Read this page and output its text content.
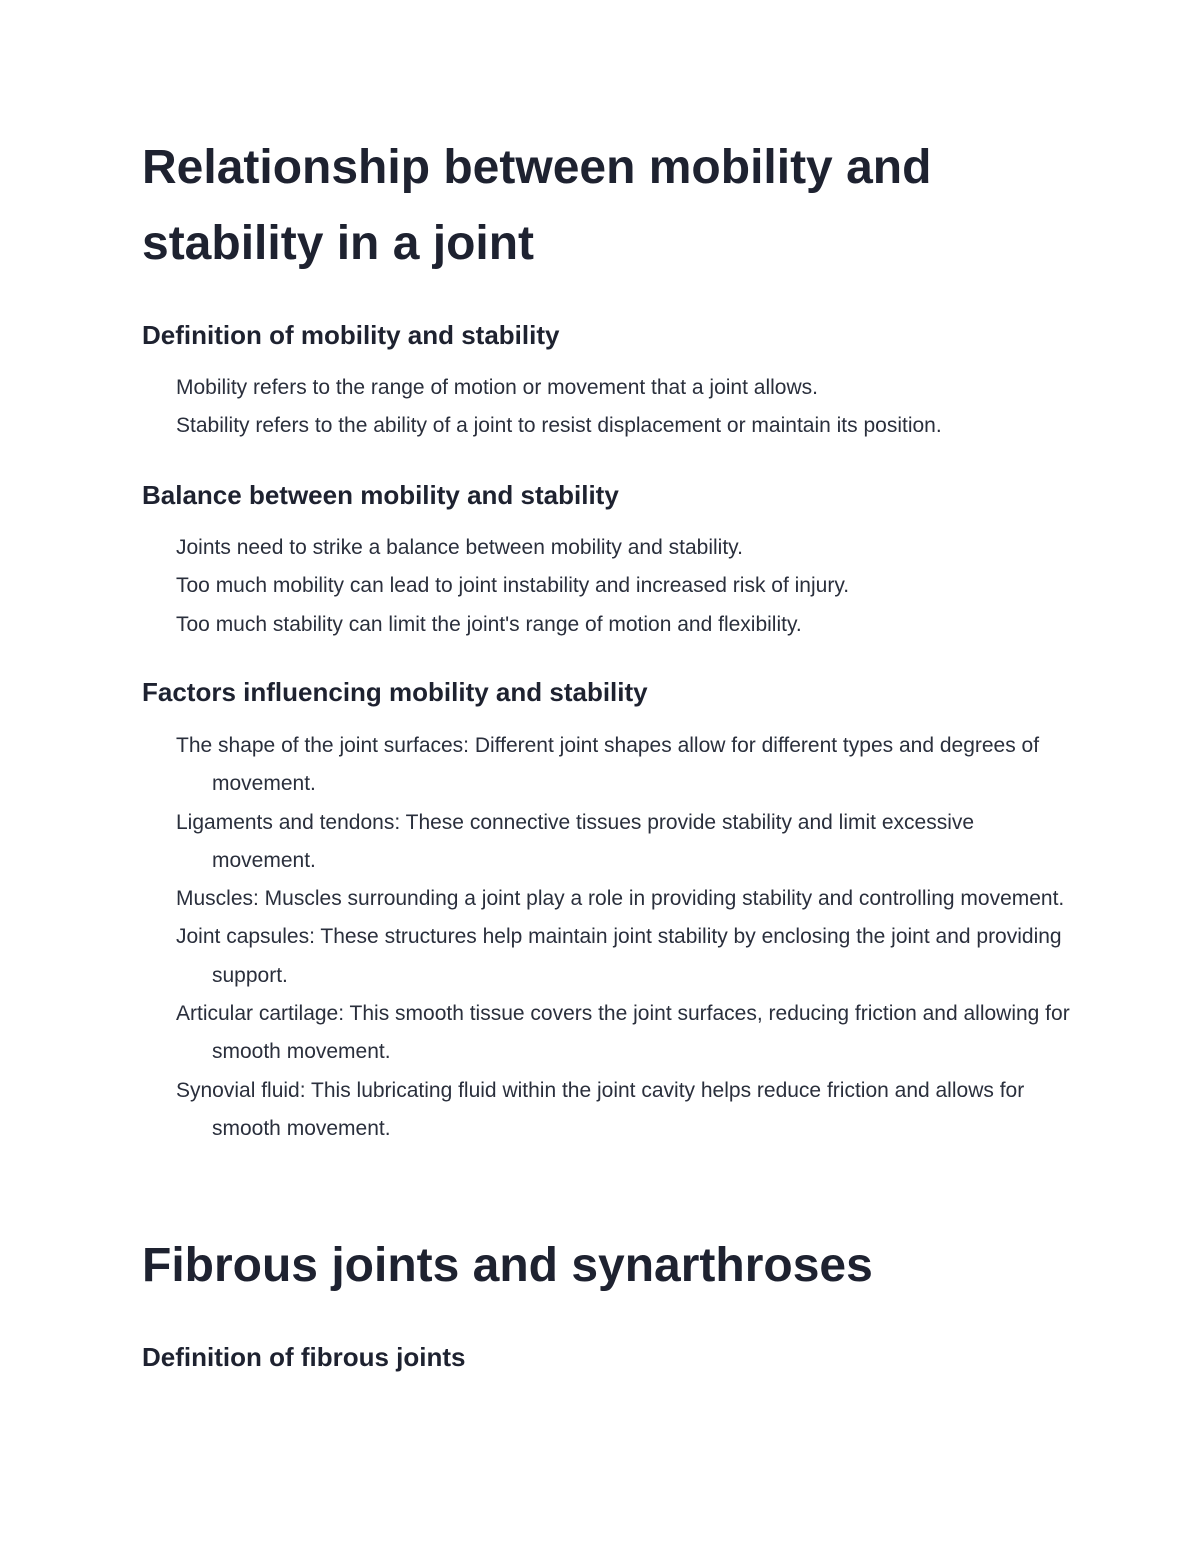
Relationship between mobility and stability in a joint
Definition of mobility and stability
Mobility refers to the range of motion or movement that a joint allows.
Stability refers to the ability of a joint to resist displacement or maintain its position.
Balance between mobility and stability
Joints need to strike a balance between mobility and stability.
Too much mobility can lead to joint instability and increased risk of injury.
Too much stability can limit the joint's range of motion and flexibility.
Factors influencing mobility and stability
The shape of the joint surfaces: Different joint shapes allow for different types and degrees of movement.
Ligaments and tendons: These connective tissues provide stability and limit excessive movement.
Muscles: Muscles surrounding a joint play a role in providing stability and controlling movement.
Joint capsules: These structures help maintain joint stability by enclosing the joint and providing support.
Articular cartilage: This smooth tissue covers the joint surfaces, reducing friction and allowing for smooth movement.
Synovial fluid: This lubricating fluid within the joint cavity helps reduce friction and allows for smooth movement.
Fibrous joints and synarthroses
Definition of fibrous joints
